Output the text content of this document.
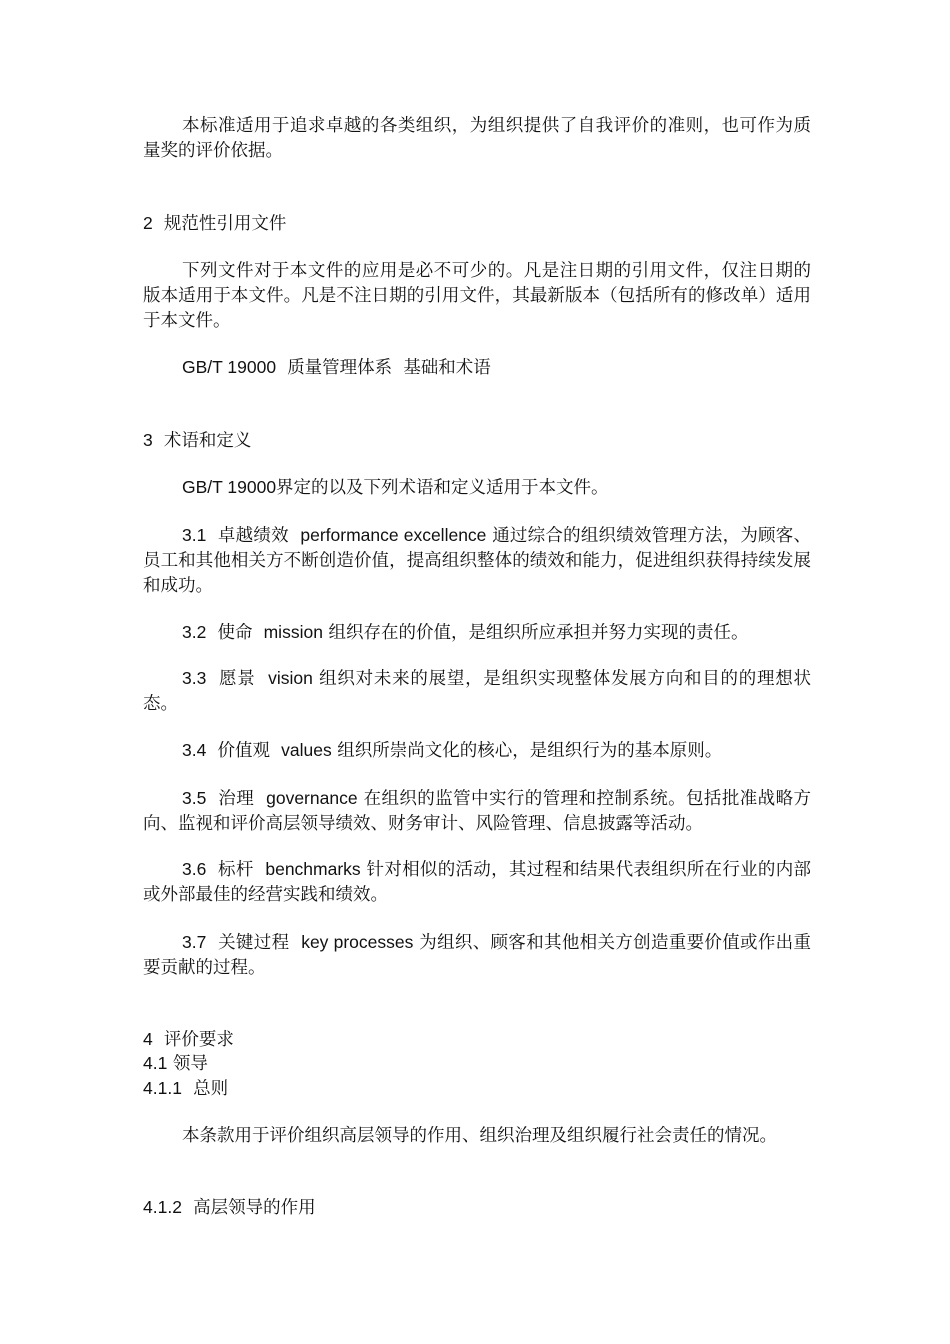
本标准适用于追求卓越的各类组织，为组织提供了自我评价的准则，也可作为质量奖的评价依据。

2 规范性引用文件

下列文件对于本文件的应用是必不可少的。凡是注日期的引用文件，仅注日期的版本适用于本文件。凡是不注日期的引用文件，其最新版本（包括所有的修改单）适用于本文件。

GB/T 19000 质量管理体系  基础和术语
3 术语和定义
GB/T 19000界定的以及下列术语和定义适用于本文件。

3.1 卓越绩效 performance excellence 通过综合的组织绩效管理方法，为顾客、员工和其他相关方不断创造价值，提高组织整体的绩效和能力，促进组织获得持续发展和成功。

3.2 使命 mission 组织存在的价值，是组织所应承担并努力实现的责任。

3.3 愿景 vision 组织对未来的展望，是组织实现整体发展方向和目的的理想状态。

3.4 价值观 values 组织所崇尚文化的核心，是组织行为的基本原则。

3.5 治理 governance 在组织的监管中实行的管理和控制系统。包括批准战略方向、监视和评价高层领导绩效、财务审计、风险管理、信息披露等活动。

3.6 标杆 benchmarks 针对相似的活动，其过程和结果代表组织所在行业的内部或外部最佳的经营实践和绩效。

3.7 关键过程 key processes 为组织、顾客和其他相关方创造重要价值或作出重要贡献的过程。

4 评价要求
4.1 领导
4.1.1 总则

本条款用于评价组织高层领导的作用、组织治理及组织履行社会责任的情况。

4.1.2 高层领导的作用
